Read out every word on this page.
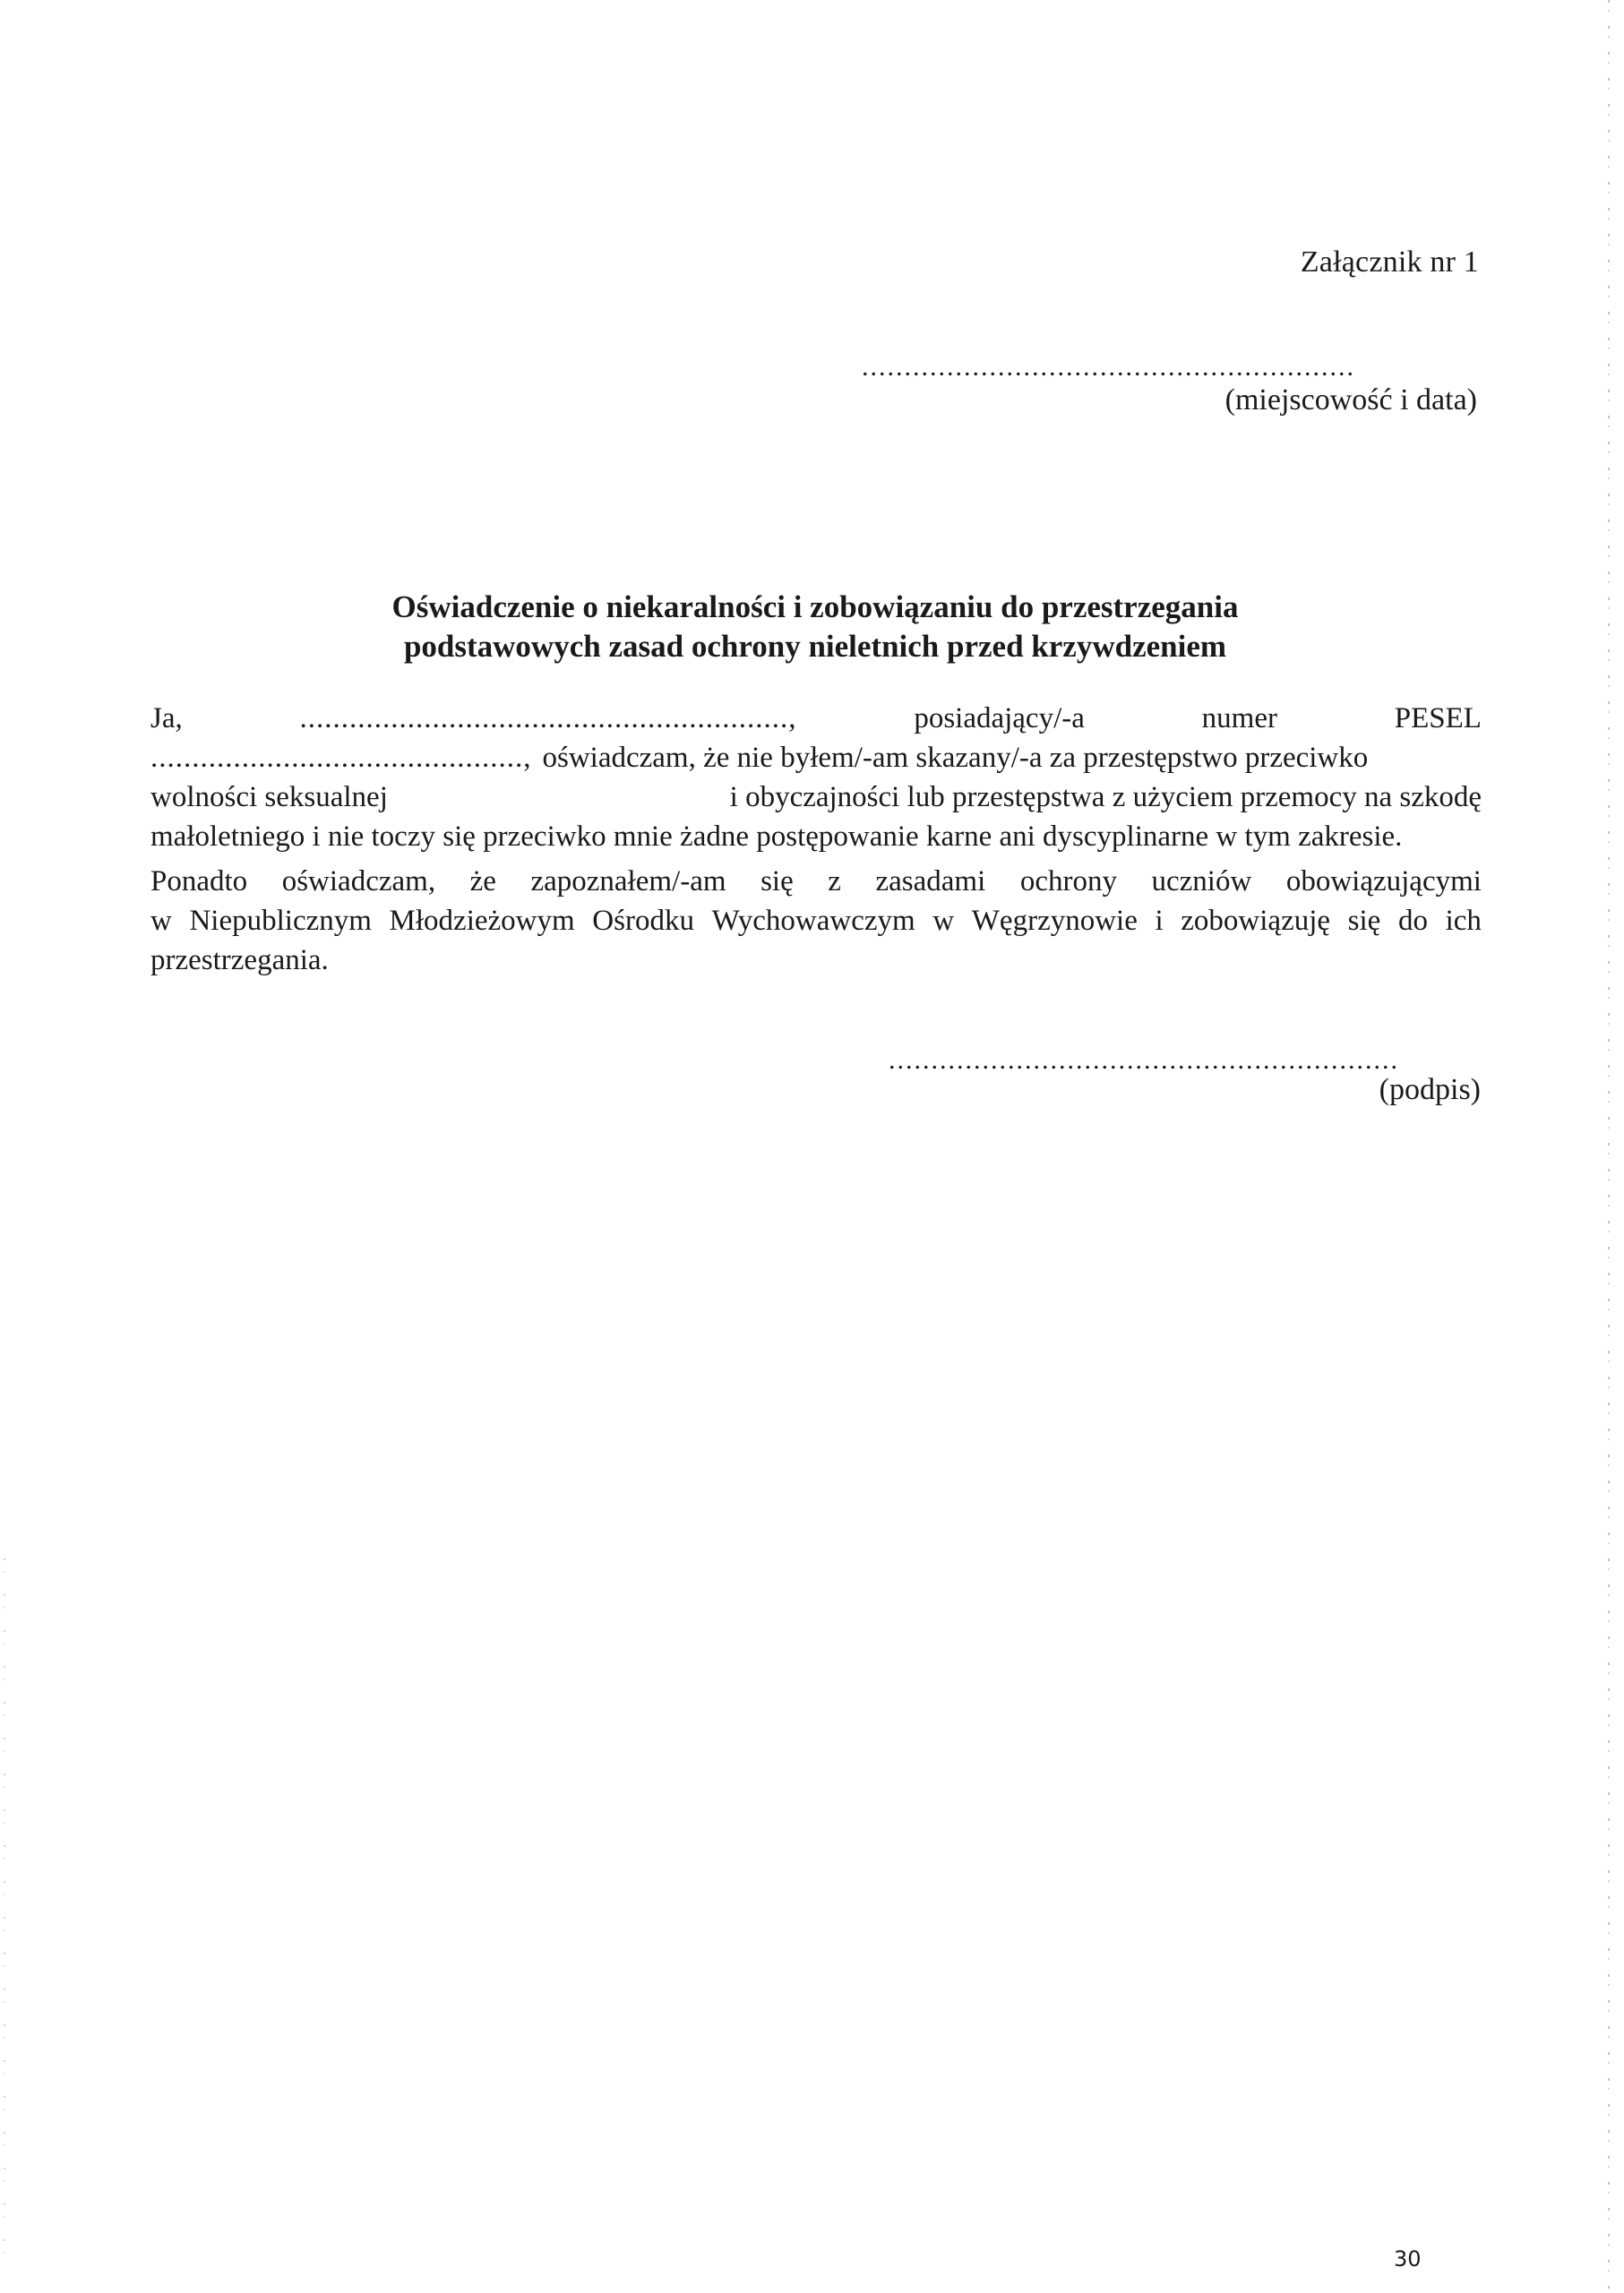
Załącznik nr 1
..........................................................
(miejscowość i data)
Oświadczenie o niekaralności i zobowiązaniu do przestrzegania
podstawowych zasad ochrony nieletnich przed krzywdzeniem
Ja,	...........................................................,	posiadający/-a	numer	PESEL
............................................., oświadczam, że nie byłem/-am skazany/-a za przestępstwo przeciwko
wolności seksualnej	i obyczajności lub przestępstwa z użyciem przemocy na szkodę
małoletniego i nie toczy się przeciwko mnie żadne postępowanie karne ani dyscyplinarne w tym zakresie.
Ponadto oświadczam, że zapoznałem/-am się z zasadami ochrony uczniów obowiązującymi
w Niepublicznym Młodzieżowym Ośrodku Wychowawczym w Węgrzynowie i zobowiązuję się do ich
przestrzegania.
............................................................
(podpis)
30
